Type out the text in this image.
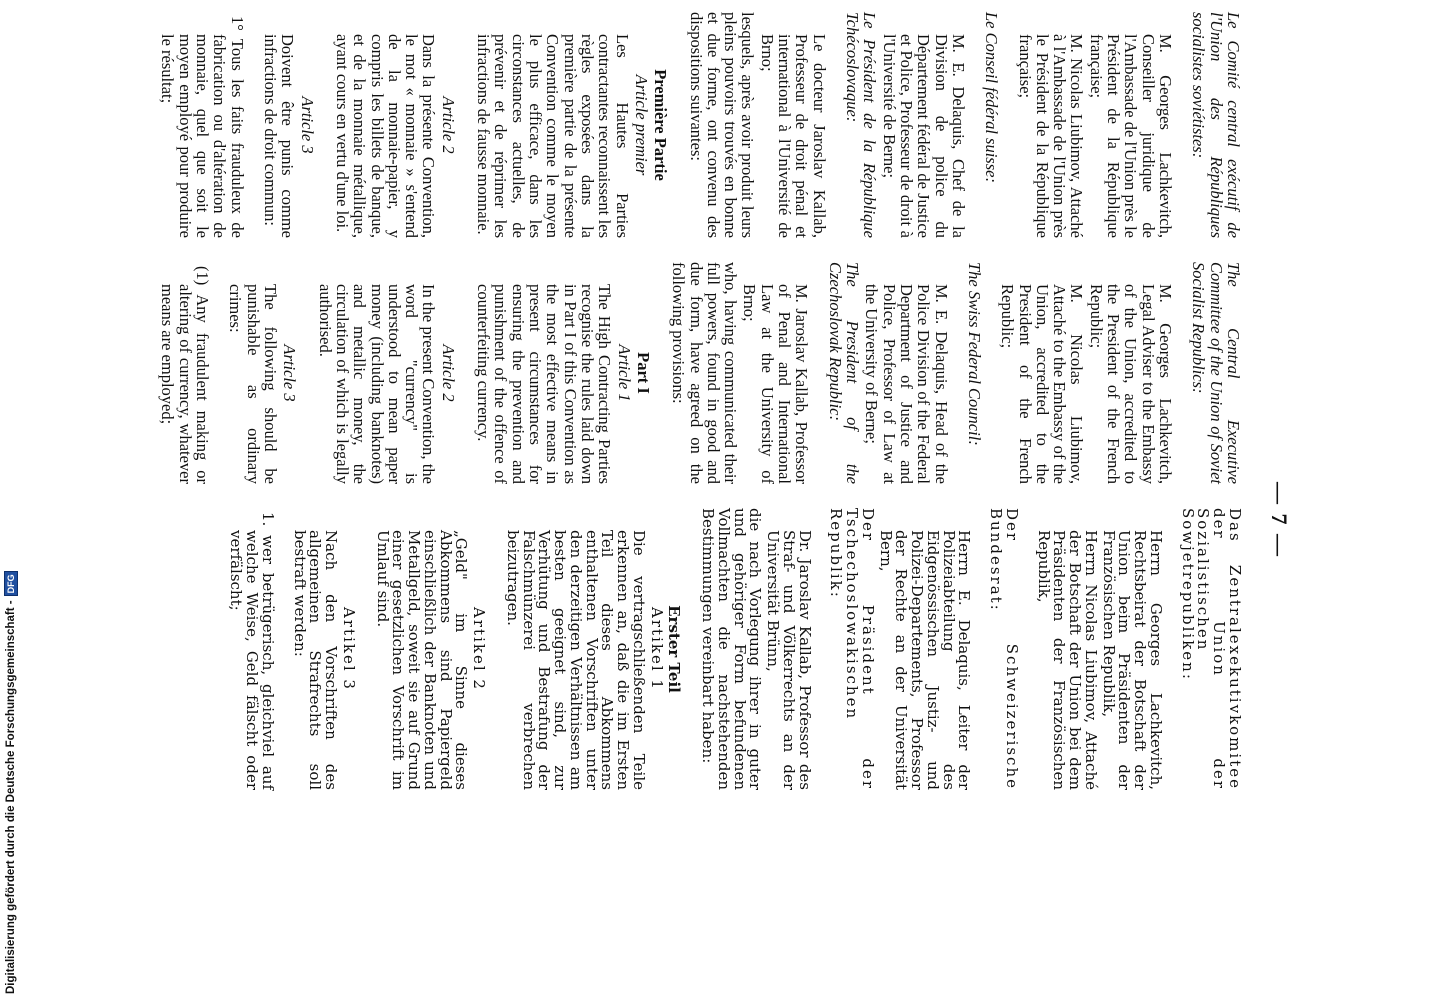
— 7 —

Le Comité central exécutif de l'Union des Républiques socialistes soviétistes:

M. Georges Lachkevitch, Conseiller juridique de l'Ambassade de l'Union près le Président de la République française;

M. Nicolas Liubimov, Attaché à l'Ambassade de l'Union près le Président de la République française;

Le Conseil fédéral suisse:

M. E. Delaquis, Chef de la Division de police du Département fédéral de Justice et Police, Professeur de droit à l'Université de Berne;

Le Président de la République Tchécoslovaque:

Le docteur Jaroslav Kallab, Professeur de droit pénal et international à l'Université de Brno;

lesquels, après avoir produit leurs pleins pouvoirs trouvés en bonne et due forme, ont convenu des dispositions suivantes:

Première Partie

Article premier

Les Hautes Parties contractantes reconnaissent les règles exposées dans la première partie de la présente Convention comme le moyen le plus efficace, dans les circonstances actuelles, de prévenir et de réprimer les infractions de fausse monnaie.

Article 2

Dans la présente Convention, le mot « monnaie » s'entend de la monnaie-papier, y compris les billets de banque, et de la monnaie métallique, ayant cours en vertu d'une loi.

Article 3

Doivent être punis comme infractions de droit commun:

1° Tous les faits frauduleux de fabrication ou d'altération de monnaie, quel que soit le moyen employé pour produire le résultat;

The Central Executive Committee of the Union of Soviet Socialist Republics:

M. Georges Lachkevitch, Legal Adviser to the Embassy of the Union, accredited to the President of the French Republic;

M. Nicolas Liubimov, Attaché to the Embassy of the Union, accredited to the President of the French Republic;

The Swiss Federal Council:

M. E. Delaquis, Head of the Police Division of the Federal Department of Justice and Police, Professor of Law at the University of Berne;

The President of the Czechoslovak Republic:

M. Jaroslav Kallab, Professor of Penal and International Law at the University of Brno;

who, having communicated their full powers, found in good and due form, have agreed on the following provisions:

Part I

Article 1

The High Contracting Parties recognise the rules laid down in Part I of this Convention as the most effective means in present circumstances for ensuring the prevention and punishment of the offence of counterfeiting currency.

Article 2

In the present Convention, the word "currency" is understood to mean paper money (including banknotes) and metallic money, the circulation of which is legally authorised.

Article 3

The following should be punishable as ordinary crimes:

(1) Any fraudulent making or altering of currency, whatever means are employed;

Das Zentralexekutivkomitee der Union der Sozialistischen Sowjetrepubliken:

Herrn Georges Lachkevitch, Rechtsbeirat der Botschaft der Union beim Präsidenten der Französischen Republik,

Herrn Nicolas Liubimov, Attaché der Botschaft der Union bei dem Präsidenten der Französischen Republik,

Der Schweizerische Bundesrat:

Herrn E. Delaquis, Leiter der Polizeiabteilung des Eidgenössischen Justiz- und Polizei-Departements, Professor der Rechte an der Universität Bern,

Der Präsident der Tschechoslowakischen Republik:

Dr. Jaroslav Kallab, Professor des Straf- und Völkerrechts an der Universität Brünn,

die nach Vorlegung ihrer in guter und gehöriger Form befundenen Vollmachten die nachstehenden Bestimmungen vereinbart haben:

Erster Teil

Artikel 1

Die vertragschließenden Teile erkennen an, daß die im Ersten Teil dieses Abkommens enthaltenen Vorschriften unter den derzeitigen Verhältnissen am besten geeignet sind, zur Verhütung und Bestrafung der Falschmünzerei verbrechen beizutragen.

Artikel 2

„Geld" im Sinne dieses Abkommens sind Papiergeld einschließlich der Banknoten und Metallgeld, soweit sie auf Grund einer gesetzlichen Vorschrift im Umlauf sind.

Artikel 3

Nach den Vorschriften des allgemeinen Strafrechts soll bestraft werden:

1. wer betrügerisch, gleichviel auf welche Weise, Geld fälscht oder verfälscht;

Digitalisierung gefördert durch die Deutsche Forschungsgemeinschaft -
DFG
